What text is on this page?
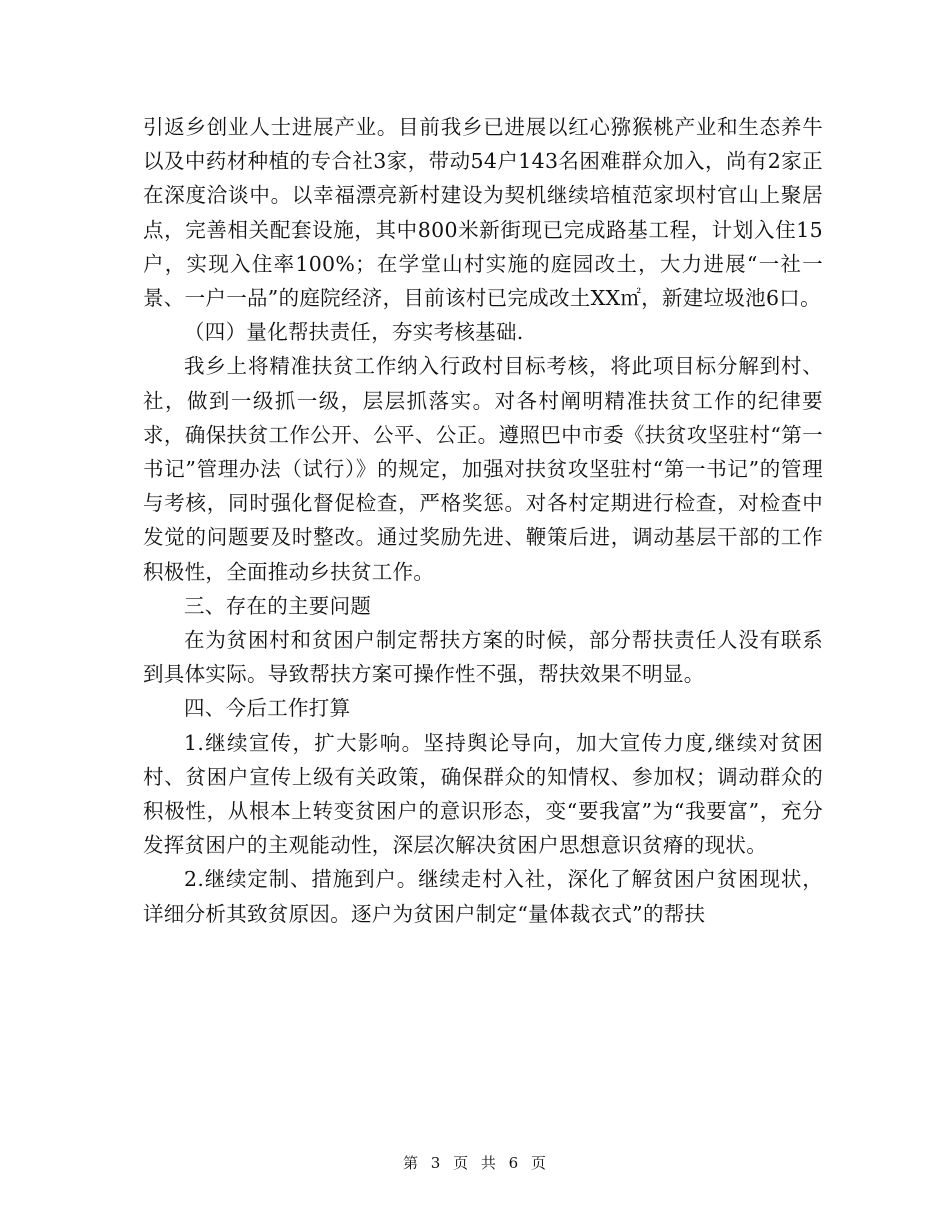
引返乡创业人士进展产业。目前我乡已进展以红心猕猴桃产业和生态养牛以及中药材种植的专合社3家，带动54户143名困难群众加入，尚有2家正在深度洽谈中。以幸福漂亮新村建设为契机继续培植范家坝村官山上聚居点，完善相关配套设施，其中800米新街现已完成路基工程，计划入住15户，实现入住率100%；在学堂山村实施的庭园改土，大力进展“一社一景、一户一品”的庭院经济，目前该村已完成改土XX㎡，新建垃圾池6口。

（四）量化帮扶责任，夯实考核基础.

我乡上将精准扶贫工作纳入行政村目标考核，将此项目标分解到村、社，做到一级抓一级，层层抓落实。对各村阐明精准扶贫工作的纪律要求，确保扶贫工作公开、公平、公正。遵照巴中市委《扶贫攻坚驻村“第一书记”管理办法（试行）》的规定，加强对扶贫攻坚驻村“第一书记”的管理与考核，同时强化督促检查，严格奖惩。对各村定期进行检查，对检查中发觉的问题要及时整改。通过奖励先进、鞭策后进，调动基层干部的工作积极性，全面推动乡扶贫工作。

三、存在的主要问题

在为贫困村和贫困户制定帮扶方案的时候，部分帮扶责任人没有联系到具体实际。导致帮扶方案可操作性不强，帮扶效果不明显。

四、今后工作打算

1.继续宣传，扩大影响。坚持舆论导向，加大宣传力度,继续对贫困村、贫困户宣传上级有关政策，确保群众的知情权、参加权；调动群众的积极性，从根本上转变贫困户的意识形态，变“要我富”为“我要富”，充分发挥贫困户的主观能动性，深层次解决贫困户思想意识贫瘠的现状。

2.继续定制、措施到户。继续走村入社，深化了解贫困户贫困现状，详细分析其致贫原因。逐户为贫困户制定“量体裁衣式”的帮扶

第 3 页 共 6 页
